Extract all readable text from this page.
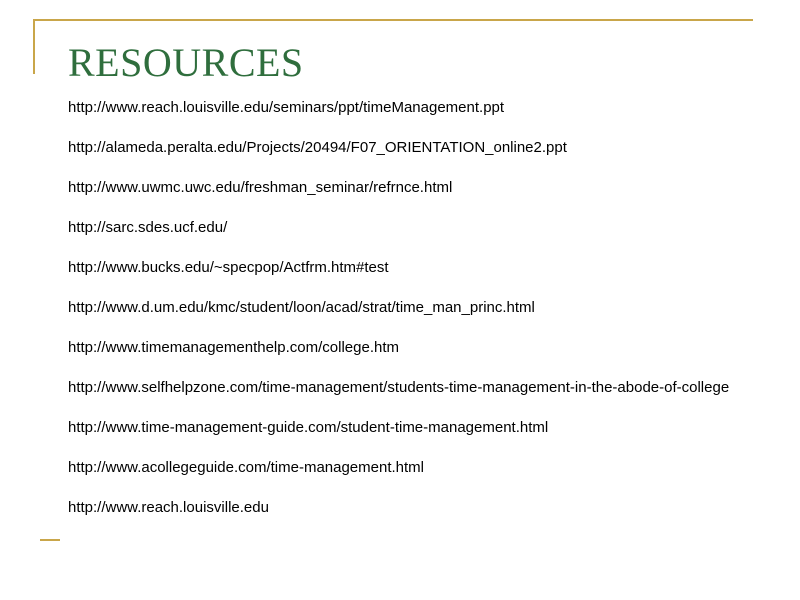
RESOURCES
http://www.reach.louisville.edu/seminars/ppt/timeManagement.ppt
http://alameda.peralta.edu/Projects/20494/F07_ORIENTATION_online2.ppt
http://www.uwmc.uwc.edu/freshman_seminar/refrnce.html
http://sarc.sdes.ucf.edu/
http://www.bucks.edu/~specpop/Actfrm.htm#test
http://www.d.um.edu/kmc/student/loon/acad/strat/time_man_princ.html
http://www.timemanagementhelp.com/college.htm
http://www.selfhelpzone.com/time-management/students-time-management-in-the-abode-of-college
http://www.time-management-guide.com/student-time-management.html
http://www.acollegeguide.com/time-management.html
http://www.reach.louisville.edu
